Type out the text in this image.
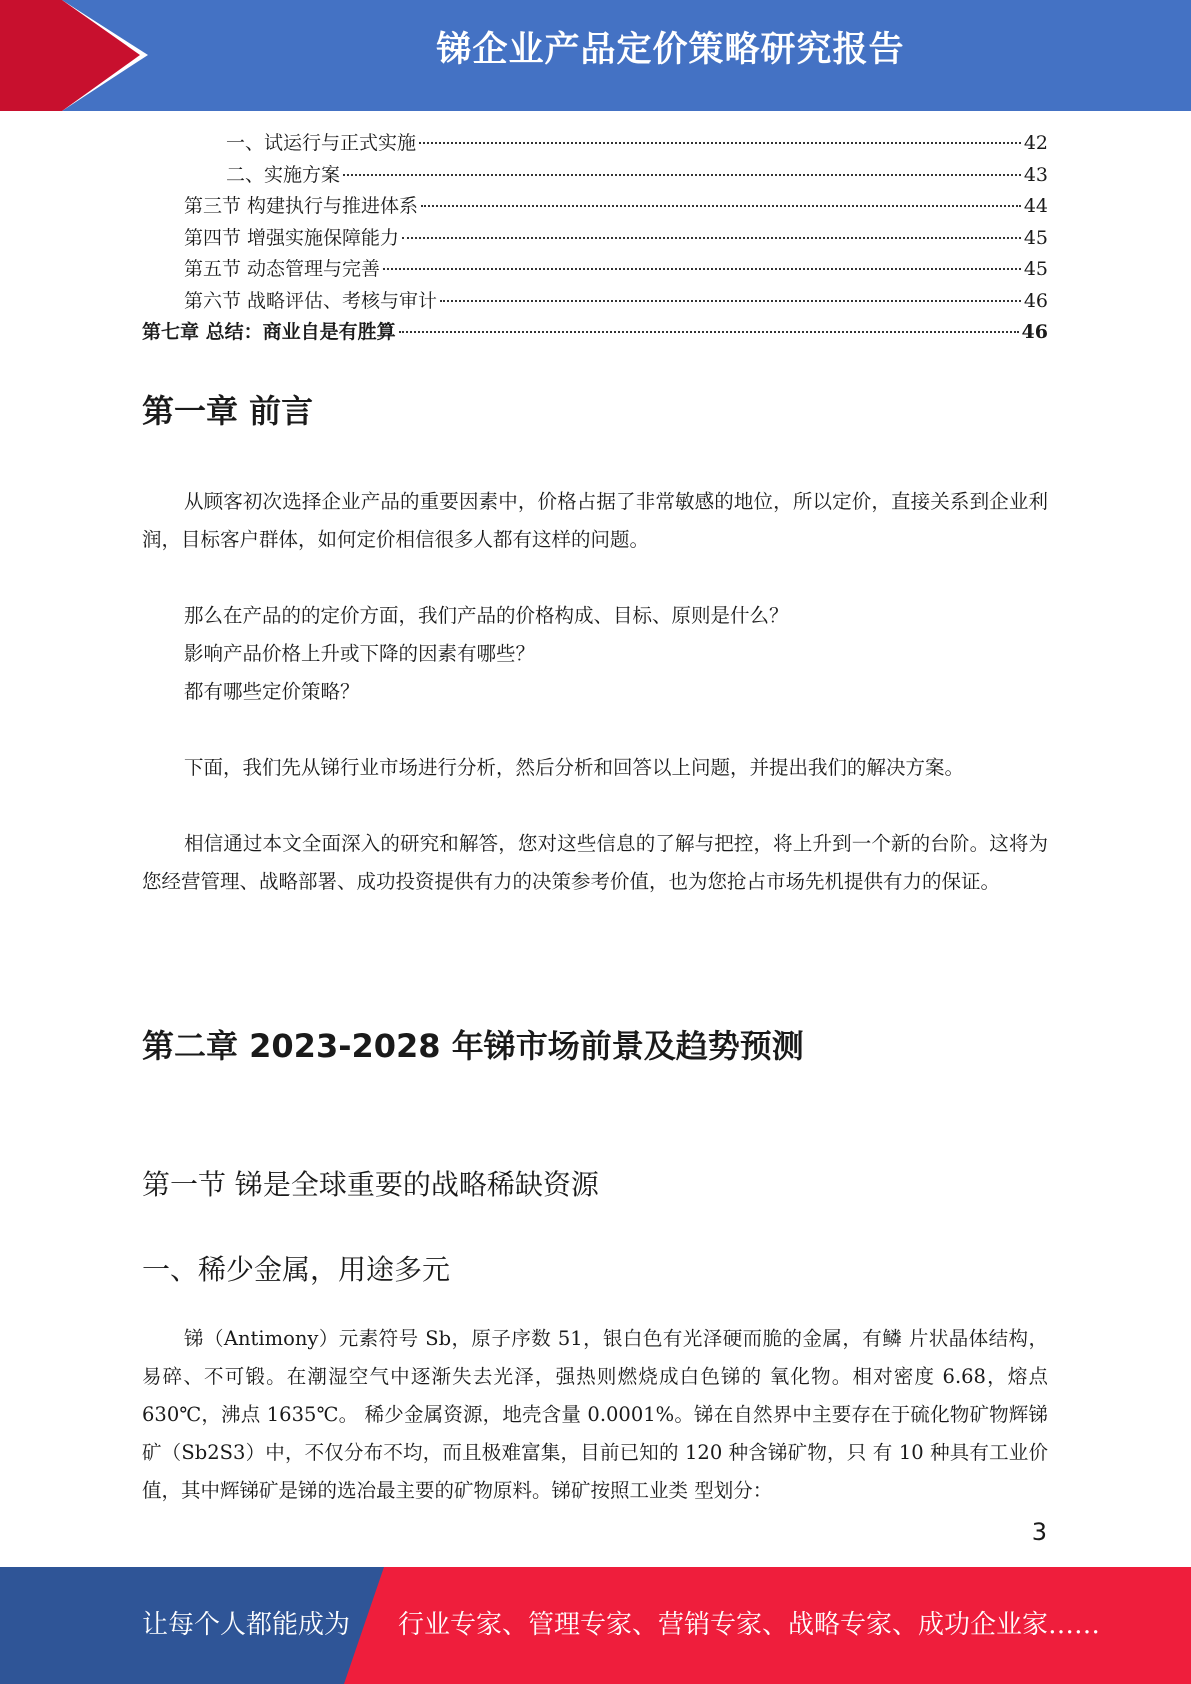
锑企业产品定价策略研究报告
一、试运行与正式实施	42
二、实施方案	43
第三节 构建执行与推进体系	44
第四节 增强实施保障能力	45
第五节 动态管理与完善	45
第六节 战略评估、考核与审计	46
第七章 总结：商业自是有胜算	46
第一章 前言
从顾客初次选择企业产品的重要因素中，价格占据了非常敏感的地位，所以定价，直接关系到企业利润，目标客户群体，如何定价相信很多人都有这样的问题。
那么在产品的的定价方面，我们产品的价格构成、目标、原则是什么？
影响产品价格上升或下降的因素有哪些？
都有哪些定价策略？
下面，我们先从锑行业市场进行分析，然后分析和回答以上问题，并提出我们的解决方案。
相信通过本文全面深入的研究和解答，您对这些信息的了解与把控，将上升到一个新的台阶。这将为您经营管理、战略部署、成功投资提供有力的决策参考价值，也为您抢占市场先机提供有力的保证。
第二章 2023-2028 年锑市场前景及趋势预测
第一节 锑是全球重要的战略稀缺资源
一、稀少金属，用途多元
锑（Antimony）元素符号 Sb，原子序数 51，银白色有光泽硬而脆的金属，有鳞 片状晶体结构，易碎、不可锻。在潮湿空气中逐渐失去光泽，强热则燃烧成白色锑的 氧化物。相对密度 6.68，熔点 630℃，沸点 1635℃。 稀少金属资源，地壳含量 0.0001%。锑在自然界中主要存在于硫化物矿物辉锑 矿（Sb2S3）中，不仅分布不均，而且极难富集，目前已知的 120 种含锑矿物，只 有 10 种具有工业价值，其中辉锑矿是锑的选冶最主要的矿物原料。锑矿按照工业类 型划分：
3
让每个人都能成为 行业专家、管理专家、营销专家、战略专家、成功企业家……
